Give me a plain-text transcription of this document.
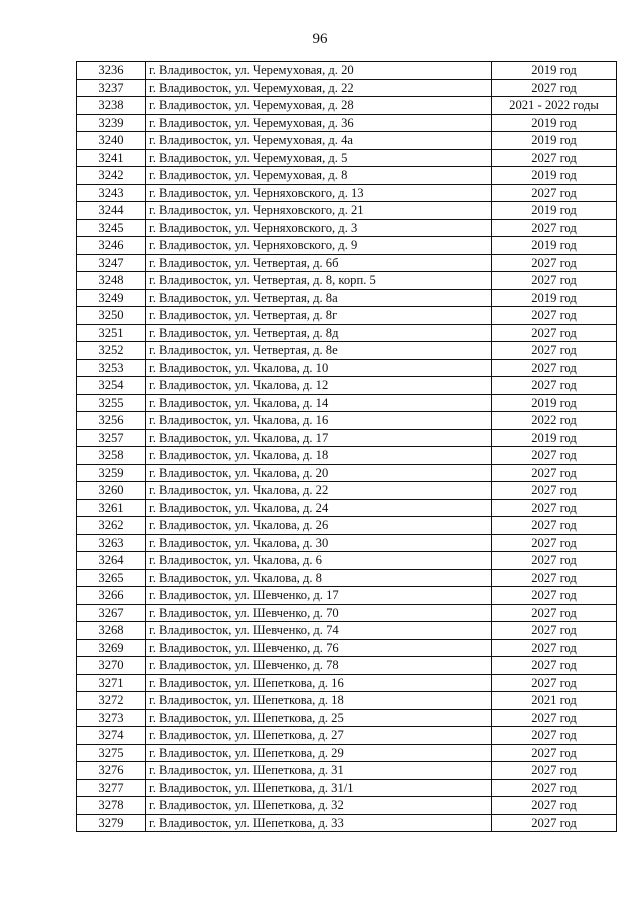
96
3236	г. Владивосток, ул. Черемуховая, д. 20	2019 год
3237	г. Владивосток, ул. Черемуховая, д. 22	2027 год
3238	г. Владивосток, ул. Черемуховая, д. 28	2021 - 2022 годы
3239	г. Владивосток, ул. Черемуховая, д. 36	2019 год
3240	г. Владивосток, ул. Черемуховая, д. 4а	2019 год
3241	г. Владивосток, ул. Черемуховая, д. 5	2027 год
3242	г. Владивосток, ул. Черемуховая, д. 8	2019 год
3243	г. Владивосток, ул. Черняховского, д. 13	2027 год
3244	г. Владивосток, ул. Черняховского, д. 21	2019 год
3245	г. Владивосток, ул. Черняховского, д. 3	2027 год
3246	г. Владивосток, ул. Черняховского, д. 9	2019 год
3247	г. Владивосток, ул. Четвертая, д. 6б	2027 год
3248	г. Владивосток, ул. Четвертая, д. 8, корп. 5	2027 год
3249	г. Владивосток, ул. Четвертая, д. 8а	2019 год
3250	г. Владивосток, ул. Четвертая, д. 8г	2027 год
3251	г. Владивосток, ул. Четвертая, д. 8д	2027 год
3252	г. Владивосток, ул. Четвертая, д. 8е	2027 год
3253	г. Владивосток, ул. Чкалова, д. 10	2027 год
3254	г. Владивосток, ул. Чкалова, д. 12	2027 год
3255	г. Владивосток, ул. Чкалова, д. 14	2019 год
3256	г. Владивосток, ул. Чкалова, д. 16	2022 год
3257	г. Владивосток, ул. Чкалова, д. 17	2019 год
3258	г. Владивосток, ул. Чкалова, д. 18	2027 год
3259	г. Владивосток, ул. Чкалова, д. 20	2027 год
3260	г. Владивосток, ул. Чкалова, д. 22	2027 год
3261	г. Владивосток, ул. Чкалова, д. 24	2027 год
3262	г. Владивосток, ул. Чкалова, д. 26	2027 год
3263	г. Владивосток, ул. Чкалова, д. 30	2027 год
3264	г. Владивосток, ул. Чкалова, д. 6	2027 год
3265	г. Владивосток, ул. Чкалова, д. 8	2027 год
3266	г. Владивосток, ул. Шевченко, д. 17	2027 год
3267	г. Владивосток, ул. Шевченко, д. 70	2027 год
3268	г. Владивосток, ул. Шевченко, д. 74	2027 год
3269	г. Владивосток, ул. Шевченко, д. 76	2027 год
3270	г. Владивосток, ул. Шевченко, д. 78	2027 год
3271	г. Владивосток, ул. Шепеткова, д. 16	2027 год
3272	г. Владивосток, ул. Шепеткова, д. 18	2021 год
3273	г. Владивосток, ул. Шепеткова, д. 25	2027 год
3274	г. Владивосток, ул. Шепеткова, д. 27	2027 год
3275	г. Владивосток, ул. Шепеткова, д. 29	2027 год
3276	г. Владивосток, ул. Шепеткова, д. 31	2027 год
3277	г. Владивосток, ул. Шепеткова, д. 31/1	2027 год
3278	г. Владивосток, ул. Шепеткова, д. 32	2027 год
3279	г. Владивосток, ул. Шепеткова, д. 33	2027 год
